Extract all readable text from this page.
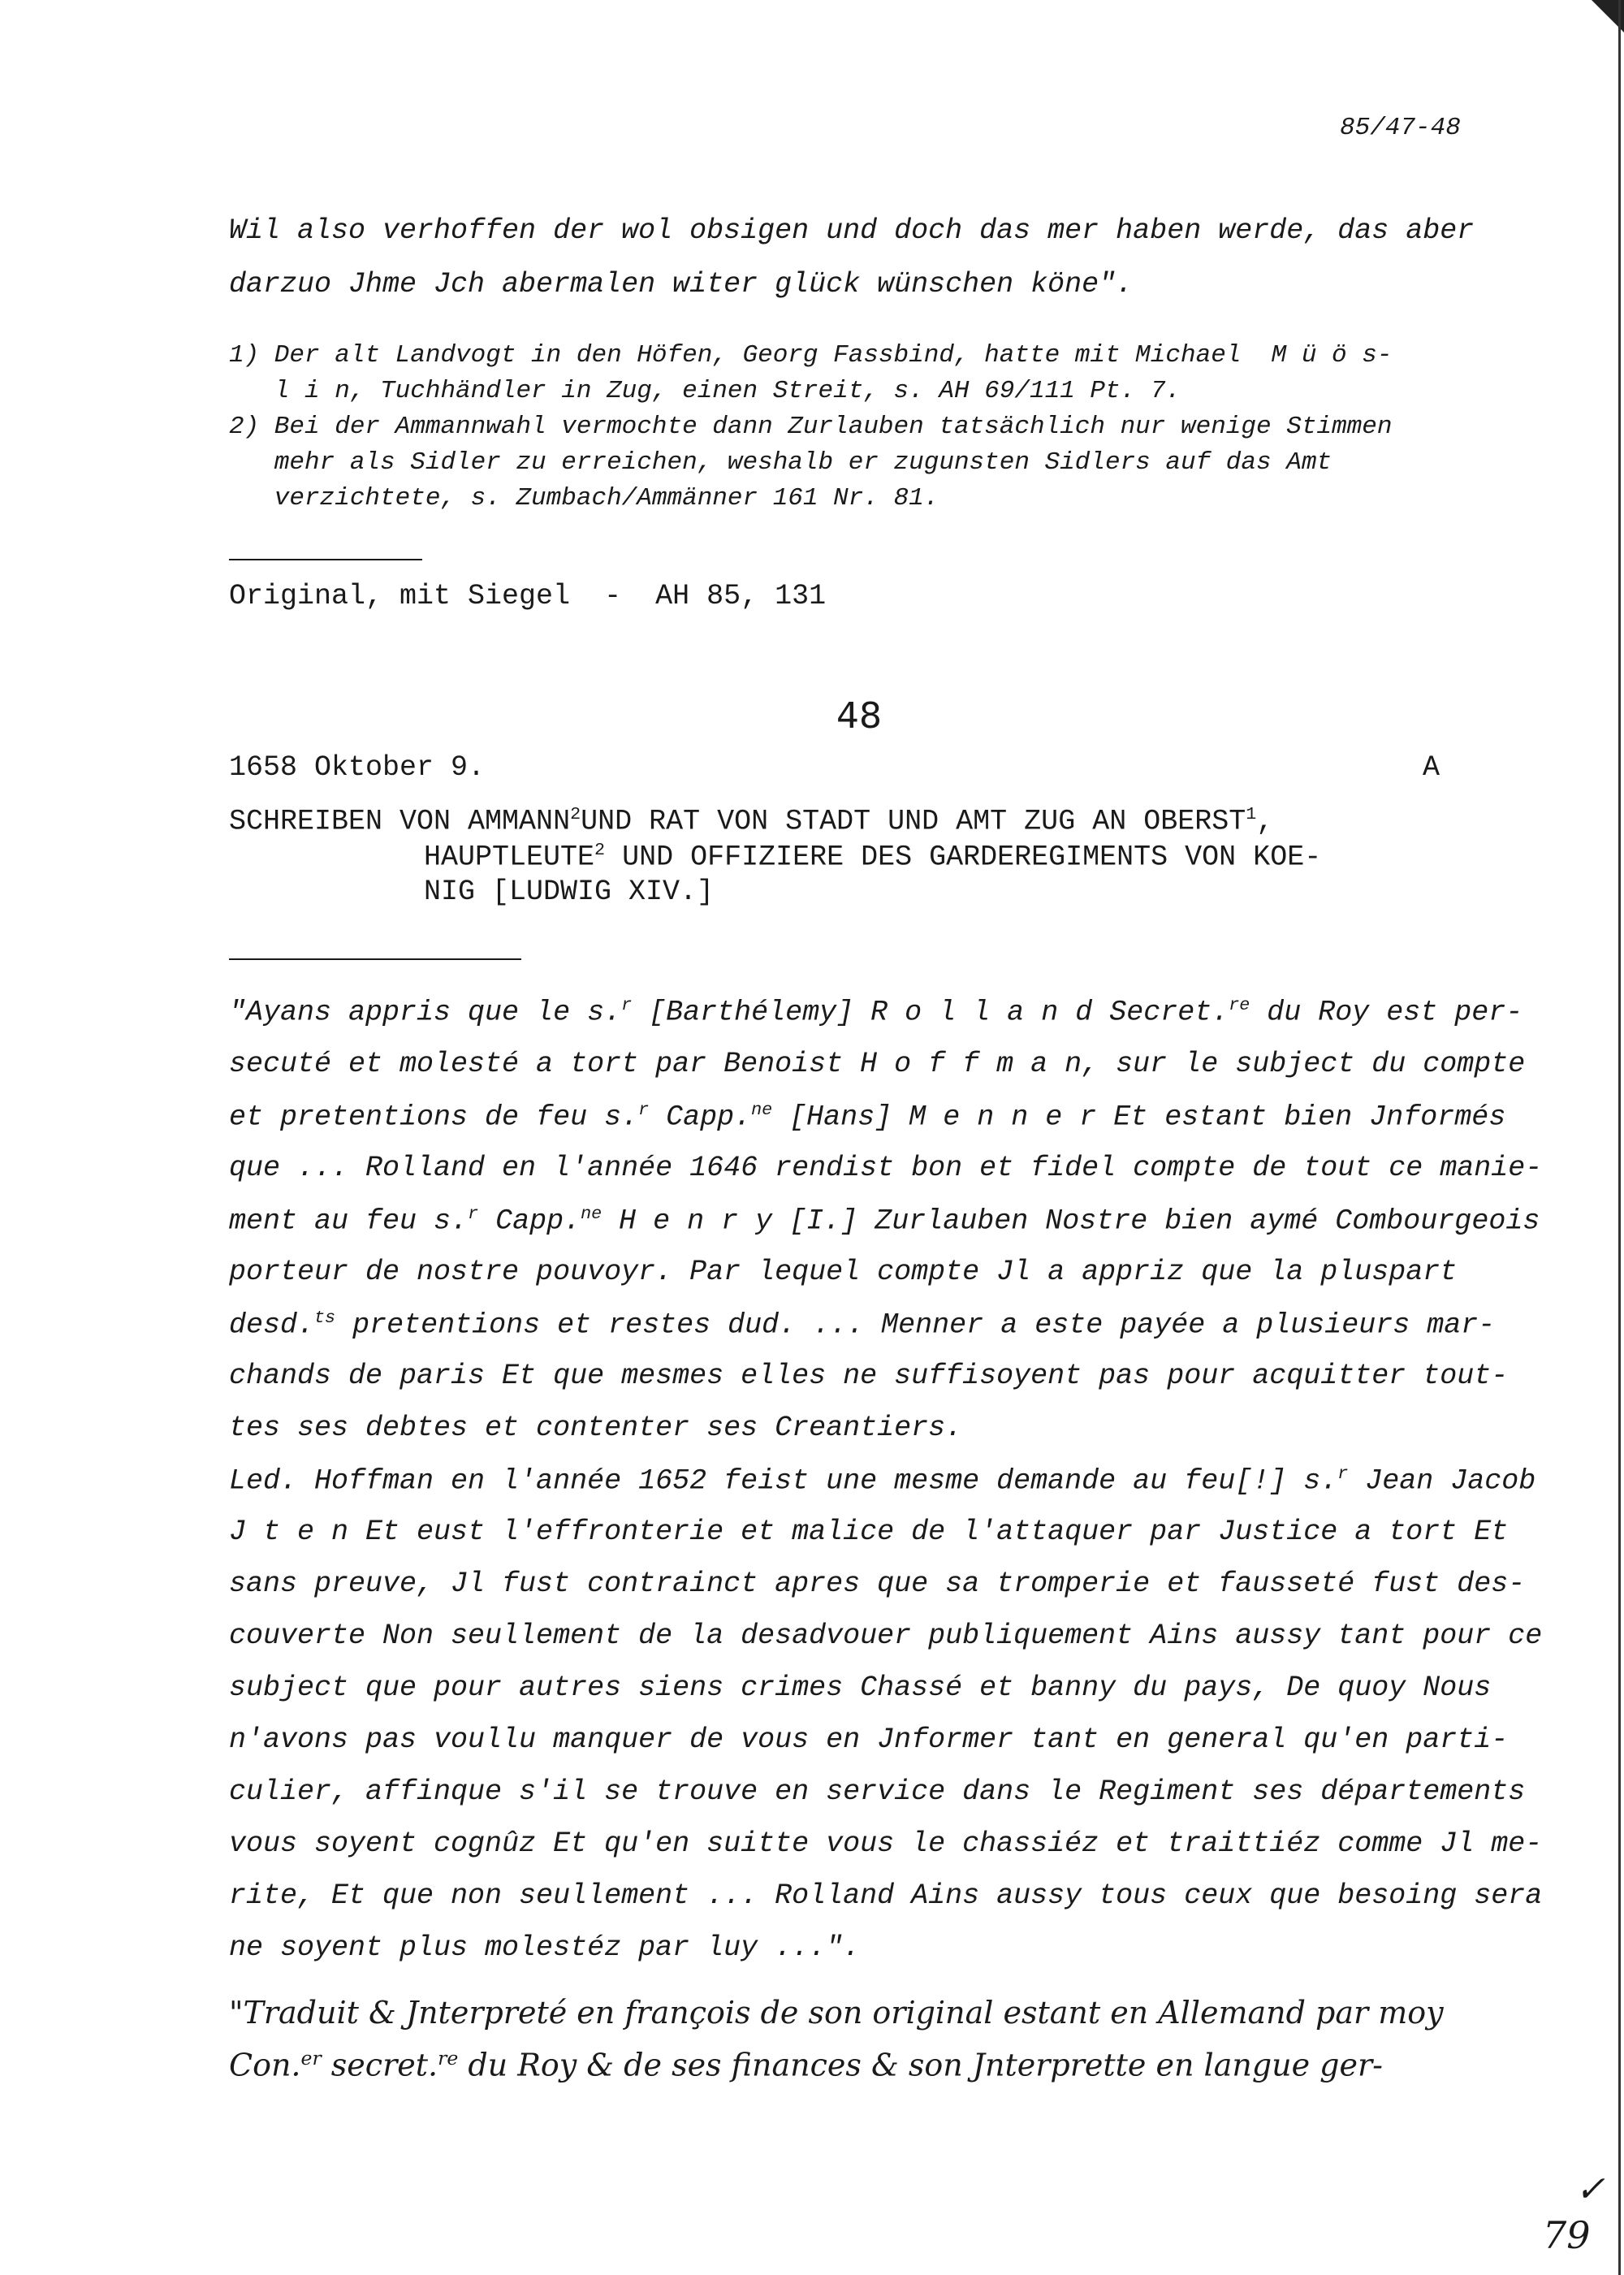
85/47-48
Wil also verhoffen der wol obsigen und doch das mer haben werde, das aber
darzuo Jhme Jch abermalen witer glück wünschen köne".
1) Der alt Landvogt in den Höfen, Georg Fassbind, hatte mit Michael  M ü ö s-
l i n, Tuchhändler in Zug, einen Streit, s. AH 69/111 Pt. 7.
2) Bei der Ammannwahl vermochte dann Zurlauben tatsächlich nur wenige Stimmen
mehr als Sidler zu erreichen, weshalb er zugunsten Sidlers auf das Amt
verzichtete, s. Zumbach/Ammänner 161 Nr. 81.
Original, mit Siegel  -  AH 85, 131
48
1658 Oktober 9.	A
SCHREIBEN VON AMMANN$^2$UND RAT VON STADT UND AMT ZUG AN OBERST$^1$,
HAUPTLEUTE$^2$ UND OFFIZIERE DES GARDEREGIMENTS VON KOE-
NIG [LUDWIG XIV.]
"Ayans appris que le s.$^r$ [Barthélemy] R o l l a n d Secret.$^{re}$ du Roy est per-
secuté et molesté a tort par Benoist H o f f m a n, sur le subject du compte
et pretentions de feu s.$^r$ Capp.$^{ne}$ [Hans] M e n n e r Et estant bien Jnformés
que ... Rolland en l'année 1646 rendist bon et fidel compte de tout ce manie-
ment au feu s.$^r$ Capp.$^{ne}$ H e n r y [I.] Zurlauben Nostre bien aymé Combourgeois
porteur de nostre pouvoyr. Par lequel compte Jl a appriz que la pluspart
desd.$^{ts}$ pretentions et restes dud. ... Menner a este payée a plusieurs mar-
chands de paris Et que mesmes elles ne suffisoyent pas pour acquitter tout-
tes ses debtes et contenter ses Creantiers.
Led. Hoffman en l'année 1652 feist une mesme demande au feu[!] s.$^r$ Jean Jacob
J t e n Et eust l'effronterie et malice de l'attaquer par Justice a tort Et
sans preuve, Jl fust contrainct apres que sa tromperie et fausseté fust des-
couverte Non seullement de la desadvouer publiquement Ains aussy tant pour ce
subject que pour autres siens crimes Chassé et banny du pays, De quoy Nous
n'avons pas voullu manquer de vous en Jnformer tant en general qu'en parti-
culier, affinque s'il se trouve en service dans le Regiment ses départements
vous soyent cognûz Et qu'en suitte vous le chassiéz et traittiéz comme Jl me-
rite, Et que non seullement ... Rolland Ains aussy tous ceux que besoing sera
ne soyent plus molestéz par luy ...".
"Traduit & Jnterpreté en françois de son original estant en Allemand par moy
Con.$^{er}$ secret.$^{re}$ du Roy & de ses finances & son Jnterprette en langue ger-
✓
79
